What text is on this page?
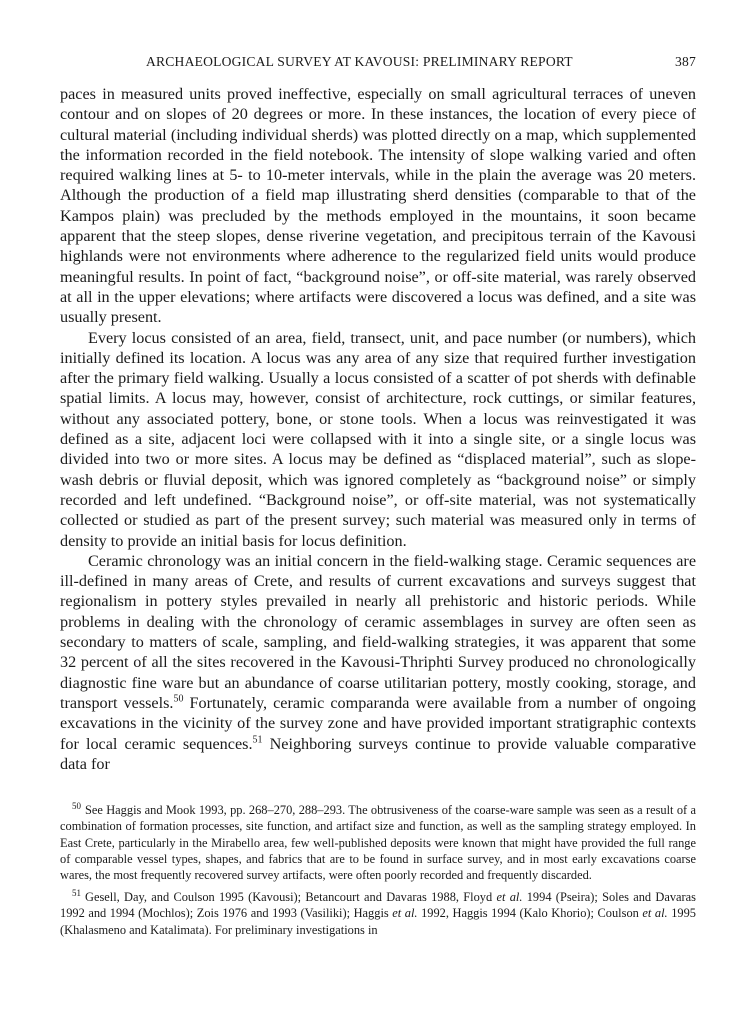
ARCHAEOLOGICAL SURVEY AT KAVOUSI: PRELIMINARY REPORT	387

paces in measured units proved ineffective, especially on small agricultural terraces of uneven contour and on slopes of 20 degrees or more. In these instances, the location of every piece of cultural material (including individual sherds) was plotted directly on a map, which supplemented the information recorded in the field notebook. The intensity of slope walking varied and often required walking lines at 5- to 10-meter intervals, while in the plain the average was 20 meters. Although the production of a field map illustrating sherd densities (comparable to that of the Kampos plain) was precluded by the methods employed in the mountains, it soon became apparent that the steep slopes, dense riverine vegetation, and precipitous terrain of the Kavousi highlands were not environments where adherence to the regularized field units would produce meaningful results. In point of fact, “background noise”, or off-site material, was rarely observed at all in the upper elevations; where artifacts were discovered a locus was defined, and a site was usually present.

Every locus consisted of an area, field, transect, unit, and pace number (or numbers), which initially defined its location. A locus was any area of any size that required further investigation after the primary field walking. Usually a locus consisted of a scatter of pot sherds with definable spatial limits. A locus may, however, consist of architecture, rock cuttings, or similar features, without any associated pottery, bone, or stone tools. When a locus was reinvestigated it was defined as a site, adjacent loci were collapsed with it into a single site, or a single locus was divided into two or more sites. A locus may be defined as “displaced material”, such as slope-wash debris or fluvial deposit, which was ignored completely as “background noise” or simply recorded and left undefined. “Background noise”, or off-site material, was not systematically collected or studied as part of the present survey; such material was measured only in terms of density to provide an initial basis for locus definition.

Ceramic chronology was an initial concern in the field-walking stage. Ceramic sequences are ill-defined in many areas of Crete, and results of current excavations and surveys suggest that regionalism in pottery styles prevailed in nearly all prehistoric and historic periods. While problems in dealing with the chronology of ceramic assemblages in survey are often seen as secondary to matters of scale, sampling, and field-walking strategies, it was apparent that some 32 percent of all the sites recovered in the Kavousi-Thriphti Survey produced no chronologically diagnostic fine ware but an abundance of coarse utilitarian pottery, mostly cooking, storage, and transport vessels.$^{50}$ Fortunately, ceramic comparanda were available from a number of ongoing excavations in the vicinity of the survey zone and have provided important stratigraphic contexts for local ceramic sequences.$^{51}$ Neighboring surveys continue to provide valuable comparative data for

$^{50}$ See Haggis and Mook 1993, pp. 268–270, 288–293. The obtrusiveness of the coarse-ware sample was seen as a result of a combination of formation processes, site function, and artifact size and function, as well as the sampling strategy employed. In East Crete, particularly in the Mirabello area, few well-published deposits were known that might have provided the full range of comparable vessel types, shapes, and fabrics that are to be found in surface survey, and in most early excavations coarse wares, the most frequently recovered survey artifacts, were often poorly recorded and frequently discarded.

$^{51}$ Gesell, Day, and Coulson 1995 (Kavousi); Betancourt and Davaras 1988, Floyd et al. 1994 (Pseira); Soles and Davaras 1992 and 1994 (Mochlos); Zois 1976 and 1993 (Vasiliki); Haggis et al. 1992, Haggis 1994 (Kalo Khorio); Coulson et al. 1995 (Khalasmeno and Katalimata). For preliminary investigations in
